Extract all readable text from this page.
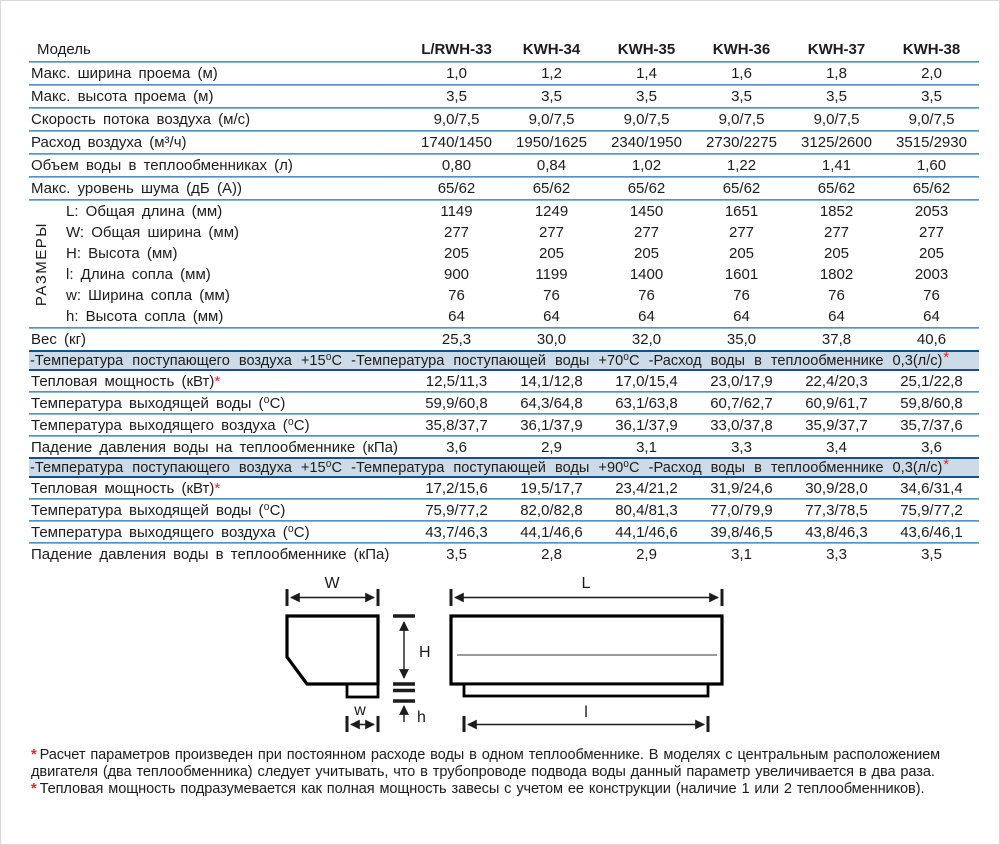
Модель	L/RWH-33	KWH-34	KWH-35	KWH-36	KWH-37	KWH-38
Макс. ширина проема (м)	1,0	1,2	1,4	1,6	1,8	2,0
Макс. высота проема (м)	3,5	3,5	3,5	3,5	3,5	3,5
Скорость потока воздуха (м/с)	9,0/7,5	9,0/7,5	9,0/7,5	9,0/7,5	9,0/7,5	9,0/7,5
Расход воздуха (м³/ч)	1740/1450	1950/1625	2340/1950	2730/2275	3125/2600	3515/2930
Объем воды в теплообменниках (л)	0,80	0,84	1,02	1,22	1,41	1,60
Макс. уровень шума (дБ (А))	65/62	65/62	65/62	65/62	65/62	65/62
РАЗМЕРЫ
L: Общая длина (мм)	1149	1249	1450	1651	1852	2053
W: Общая ширина (мм)	277	277	277	277	277	277
H: Высота (мм)	205	205	205	205	205	205
l: Длина сопла (мм)	900	1199	1400	1601	1802	2003
w: Ширина сопла (мм)	76	76	76	76	76	76
h: Высота сопла (мм)	64	64	64	64	64	64
Вес (кг)	25,3	30,0	32,0	35,0	37,8	40,6
-Температура поступающего воздуха +15⁰С -Температура поступающей воды +70⁰С -Расход воды в теплообменнике 0,3(л/с) *
Тепловая мощность (кВт)*	12,5/11,3	14,1/12,8	17,0/15,4	23,0/17,9	22,4/20,3	25,1/22,8
Температура выходящей воды (⁰С)	59,9/60,8	64,3/64,8	63,1/63,8	60,7/62,7	60,9/61,7	59,8/60,8
Температура выходящего воздуха (⁰С)	35,8/37,7	36,1/37,9	36,1/37,9	33,0/37,8	35,9/37,7	35,7/37,6
Падение давления воды на теплообменнике (кПа)	3,6	2,9	3,1	3,3	3,4	3,6
-Температура поступающего воздуха +15⁰С -Температура поступающей воды +90⁰С -Расход воды в теплообменнике 0,3(л/с) *
Тепловая мощность (кВт)*	17,2/15,6	19,5/17,7	23,4/21,2	31,9/24,6	30,9/28,0	34,6/31,4
Температура выходящей воды (⁰С)	75,9/77,2	82,0/82,8	80,4/81,3	77,0/79,9	77,3/78,5	75,9/77,2
Температура выходящего воздуха (⁰С)	43,7/46,3	44,1/46,6	44,1/46,6	39,8/46,5	43,8/46,3	43,6/46,1
Падение давления воды в теплообменнике (кПа)	3,5	2,8	2,9	3,1	3,3	3,5
W
w
H
h
L
l
* Расчет параметров произведен при постоянном расходе воды в одном теплообменнике. В моделях с центральным расположением двигателя (два теплообменника) следует учитывать, что в трубопроводе подвода воды данный параметр увеличивается в два раза.
* Тепловая мощность подразумевается как полная мощность завесы с учетом ее конструкции (наличие 1 или 2 теплообменников).
